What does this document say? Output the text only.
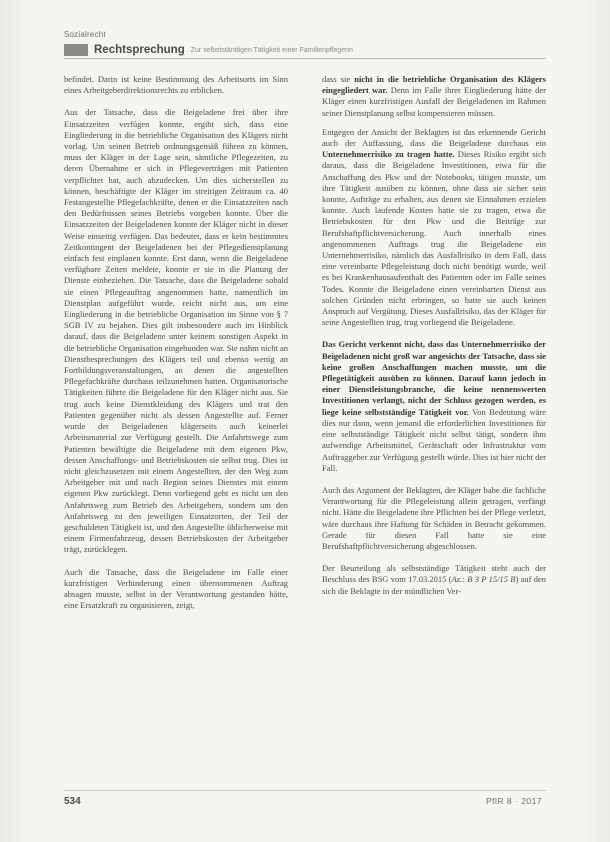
Sozialrecht
Rechtsprechung Zur selbstständigen Tätigkeit einer Familienpflegerin

befindet. Darin ist keine Bestimmung des Arbeitsorts im Sinn eines Arbeitgeberdirektionsrechts zu erblicken.

Aus der Tatsache, dass die Beigeladene frei über ihre Einsatzzeiten verfügen konnte, ergibt sich, dass eine Eingliederung in die betriebliche Organisation des Klägers nicht vorlag. Um seinen Betrieb ordnungsgemäß führen zu können, muss der Kläger in der Lage sein, sämtliche Pflegezeiten, zu deren Übernahme er sich in Pflegeverträgen mit Patienten verpflichtet hat, auch abzudecken. Um dies sicherstellen zu können, beschäftigte der Kläger im streitigen Zeitraum ca. 40 Festangestellte Pflegefachkräfte, denen er die Einsatzzeiten nach den Bedürfnissen seines Betriebs vorgeben konnte. Über die Einsatzzeiten der Beigeladenen konnte der Kläger nicht in dieser Weise einseitig verfügen. Das bedeutet, dass er kein bestimmtes Zeitkontingent der Beigeladenen bei der Pflegedienstplanung einfach fest einplanen konnte. Erst dann, wenn die Beigeladene verfügbare Zeiten meldete, konnte er sie in die Planung der Dienste einbeziehen. Die Tatsache, dass die Beigeladene sobald sie einen Pflegeauftrag angenommen hatte, namentlich im Dienstplan aufgeführt wurde, reicht nicht aus, um eine Eingliederung in die betriebliche Organisation im Sinne von § 7 SGB IV zu bejahen. Dies gilt insbesondere auch im Hinblick darauf, dass die Beigeladene unter keinem sonstigen Aspekt in die betriebliche Organisation eingebunden war. Sie nahm nicht an Dienstbesprechungen des Klägers teil und ebenso wenig an Fortbildungsveranstaltungen, an denen die angestellten Pflegefachkräfte durchaus teilzunehmen hatten. Organisatorische Tätigkeiten führte die Beigeladene für den Kläger nicht aus. Sie trug auch keine Dienstkleidung des Klägers und trat den Patienten gegenüber nicht als dessen Angestellte auf. Ferner wurde der Beigeladenen klägerseits auch keinerlei Arbeitsmaterial zur Verfügung gestellt. Die Anfahrtswege zum Patienten bewältigte die Beigeladene mit dem eigenen Pkw, dessen Anschaffungs- und Betriebskosten sie selbst trug. Dies ist nicht gleichzusetzen mit einem Angestellten, der den Weg zum Arbeitgeber mit und nach Beginn seines Dienstes mit einem eigenen Pkw zurücklegt. Denn vorliegend geht es nicht um den Anfahrtsweg zum Betrieb des Arbeitgebers, sondern um den Anfahrtsweg zu den jeweiligen Einsatzorten, der Teil der geschuldeten Tätigkeit ist, und den Angestellte üblicherweise mit einem Firmenfahrzeug, dessen Betriebskosten der Arbeitgeber trägt, zurücklegen.

Auch die Tatsache, dass die Beigeladene im Falle einer kurzfristigen Verhinderung einen übernommenen Auftrag absagen musste, selbst in der Verantwortung gestanden hätte, eine Ersatzkraft zu organisieren, zeigt,

dass sie nicht in die betriebliche Organisation des Klägers eingegliedert war. Denn im Falle ihrer Eingliederung hätte der Kläger einen kurzfristigen Ausfall der Beigeladenen im Rahmen seiner Dienstplanung selbst kompensieren müssen.

Entgegen der Ansicht der Beklagten ist das erkennende Gericht auch der Auffassung, dass die Beigeladene durchaus ein Unternehmerrisiko zu tragen hatte. Dieses Risiko ergibt sich daraus, dass die Beigeladene Investitionen, etwa für die Anschaffung des Pkw und der Notebooks, tätigen musste, um ihre Tätigkeit ausüben zu können, ohne dass sie sicher sein konnte, Aufträge zu erhalten, aus denen sie Einnahmen erzielen konnte. Auch laufende Kosten hatte sie zu tragen, etwa die Betriebskosten für den Pkw und die Beiträge zur Berufshaftpflichtversicherung. Auch innerhalb eines angenommenen Auftrags trug die Beigeladene ein Unternehmerrisiko, nämlich das Ausfallrisiko in dem Fall, dass eine vereinbarte Pflegeleistung doch nicht benötigt wurde, weil es bei Krankenhausaufenthalt des Patienten oder im Falle seines Todes. Konnte die Beigeladene einen vereinbarten Dienst aus solchen Gründen nicht erbringen, so hatte sie auch keinen Anspruch auf Vergütung. Dieses Ausfallrisiko, das der Kläger für seine Angestellten trug, trug vorliegend die Beigeladene.

Das Gericht verkennt nicht, dass das Unternehmerrisiko der Beigeladenen nicht groß war angesichts der Tatsache, dass sie keine großen Anschaffungen machen musste, um die Pflegetätigkeit ausüben zu können. Darauf kann jedoch in einer Dienstleistungsbranche, die keine nennenswerten Investitionen verlangt, nicht der Schluss gezogen werden, es liege keine selbstständige Tätigkeit vor. Von Bedeutung wäre dies nur dann, wenn jemand die erforderlichen Investitionen für eine selbstständige Tätigkeit nicht selbst tätigt, sondern ihm aufwendige Arbeitsmittel, Gerätschaft oder Infrastruktur vom Auftraggeber zur Verfügung gestellt würde. Dies ist hier nicht der Fall.

Auch das Argument der Beklagten, der Kläger habe die fachliche Verantwortung für die Pflegeleistung allein getragen, verfängt nicht. Hätte die Beigeladene ihre Pflichten bei der Pflege verletzt, wäre durchaus ihre Haftung für Schäden in Betracht gekommen. Gerade für diesen Fall hatte sie eine Berufshaftpflichtversicherung abgeschlossen.

Der Beurteilung als selbstständige Tätigkeit steht auch der Beschluss des BSG vom 17.03.2015 (Az.: B 3 P 15/15 B) auf den sich die Beklagte in der mündlichen Ver-

534	PflR 8 · 2017
